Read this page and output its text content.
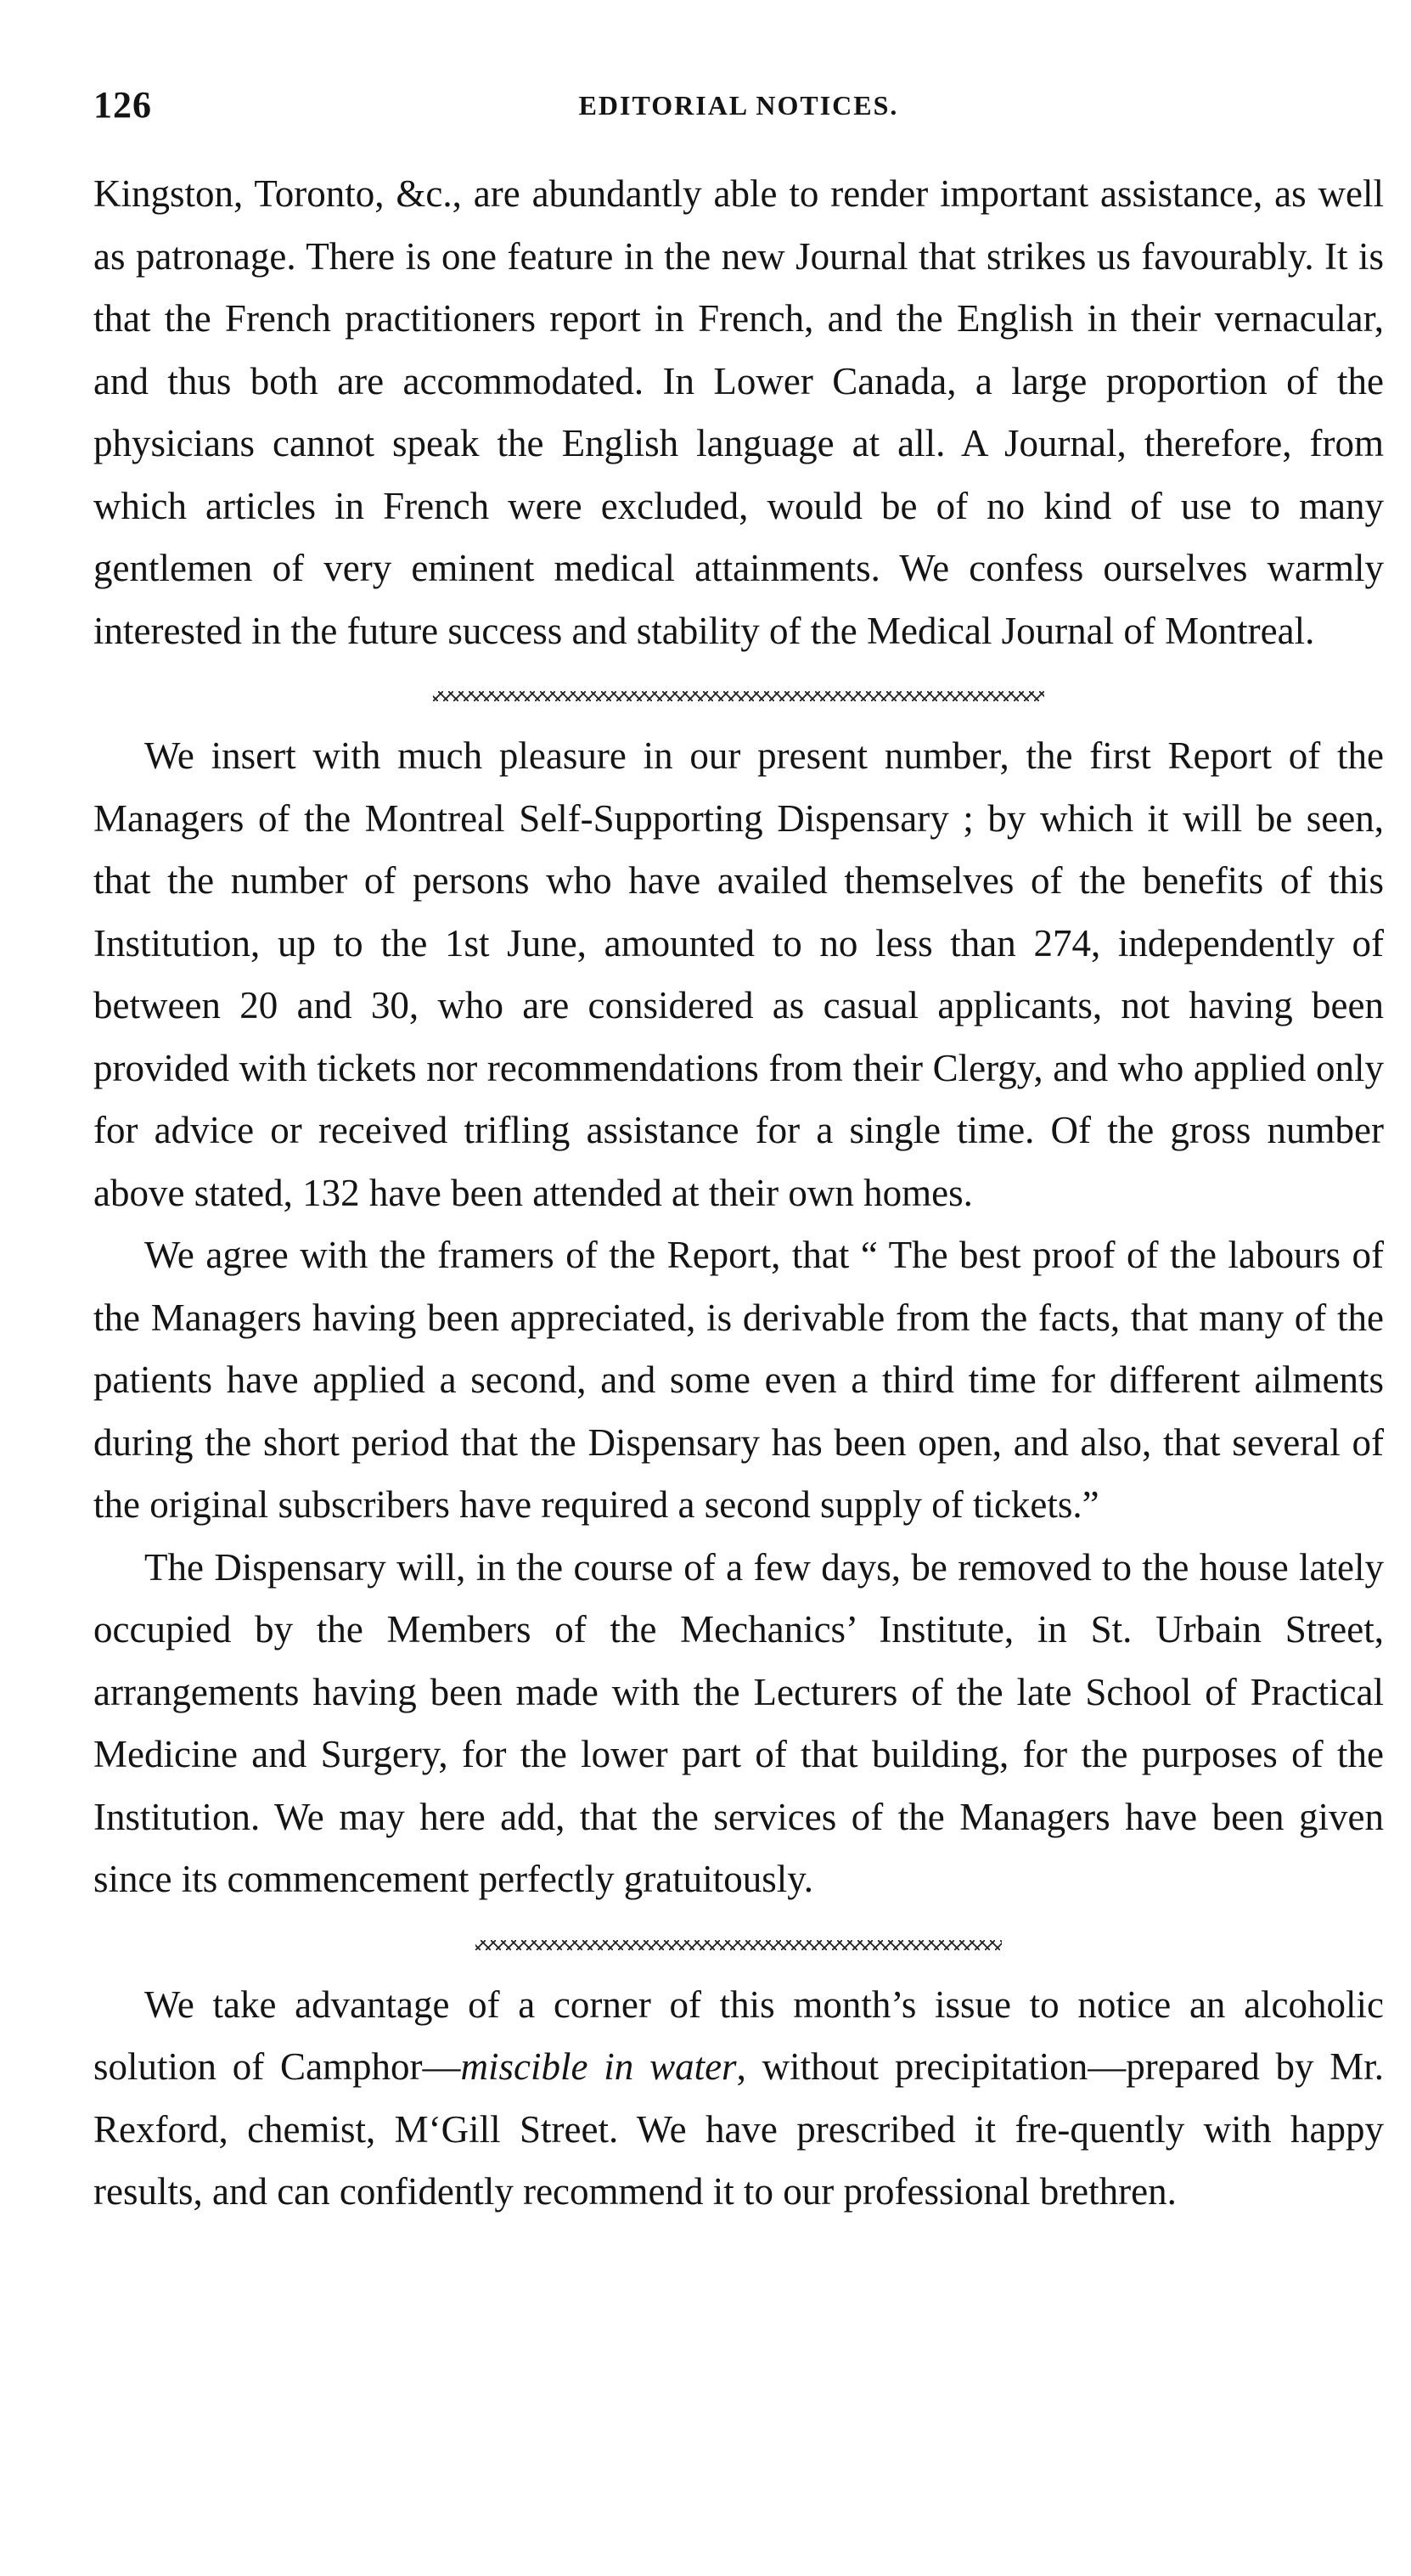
126	EDITORIAL NOTICES.

Kingston, Toronto, &c., are abundantly able to render important assistance, as well as patronage. There is one feature in the new Journal that strikes us favourably. It is that the French practitioners report in French, and the English in their vernacular, and thus both are accommodated. In Lower Canada, a large proportion of the physicians cannot speak the English language at all. A Journal, therefore, from which articles in French were excluded, would be of no kind of use to many gentlemen of very eminent medical attainments. We confess ourselves warmly interested in the future success and stability of the Medical Journal of Montreal.

We insert with much pleasure in our present number, the first Report of the Managers of the Montreal Self-Supporting Dispensary ; by which it will be seen, that the number of persons who have availed themselves of the benefits of this Institution, up to the 1st June, amounted to no less than 274, independently of between 20 and 30, who are considered as casual applicants, not having been provided with tickets nor recommendations from their Clergy, and who applied only for advice or received trifling assistance for a single time. Of the gross number above stated, 132 have been attended at their own homes.

We agree with the framers of the Report, that “ The best proof of the labours of the Managers having been appreciated, is derivable from the facts, that many of the patients have applied a second, and some even a third time for different ailments during the short period that the Dispensary has been open, and also, that several of the original subscribers have required a second supply of tickets.”

The Dispensary will, in the course of a few days, be removed to the house lately occupied by the Members of the Mechanics’ Institute, in St. Urbain Street, arrangements having been made with the Lecturers of the late School of Practical Medicine and Surgery, for the lower part of that building, for the purposes of the Institution. We may here add, that the services of the Managers have been given since its commencement perfectly gratuitously.

We take advantage of a corner of this month’s issue to notice an alcoholic solution of Camphor—miscible in water, without precipitation—prepared by Mr. Rexford, chemist, M‘Gill Street. We have prescribed it fre-quently with happy results, and can confidently recommend it to our professional brethren.
